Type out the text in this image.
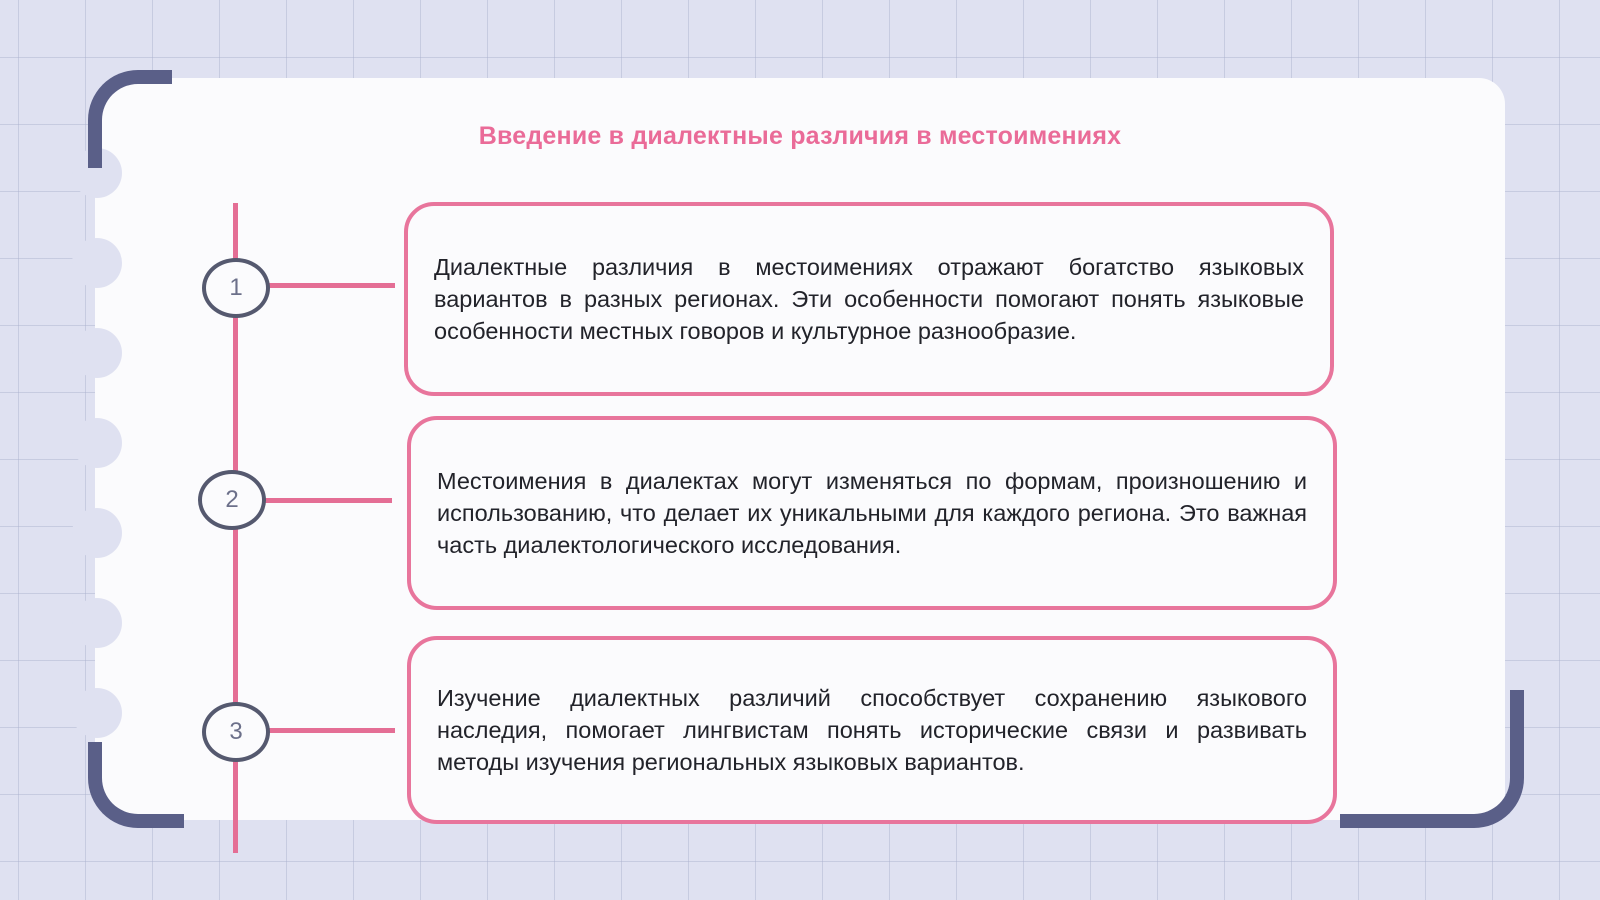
Введение в диалектные различия в местоимениях
1

Диалектные различия в местоимениях отражают богатство языковых вариантов в разных регионах. Эти особенности помогают понять языковые особенности местных говоров и культурное разнообразие.

2

Местоимения в диалектах могут изменяться по формам, произношению и использованию, что делает их уникальными для каждого региона. Это важная часть диалектологического исследования.

3

Изучение диалектных различий способствует сохранению языкового наследия, помогает лингвистам понять исторические связи и развивать методы изучения региональных языковых вариантов.
